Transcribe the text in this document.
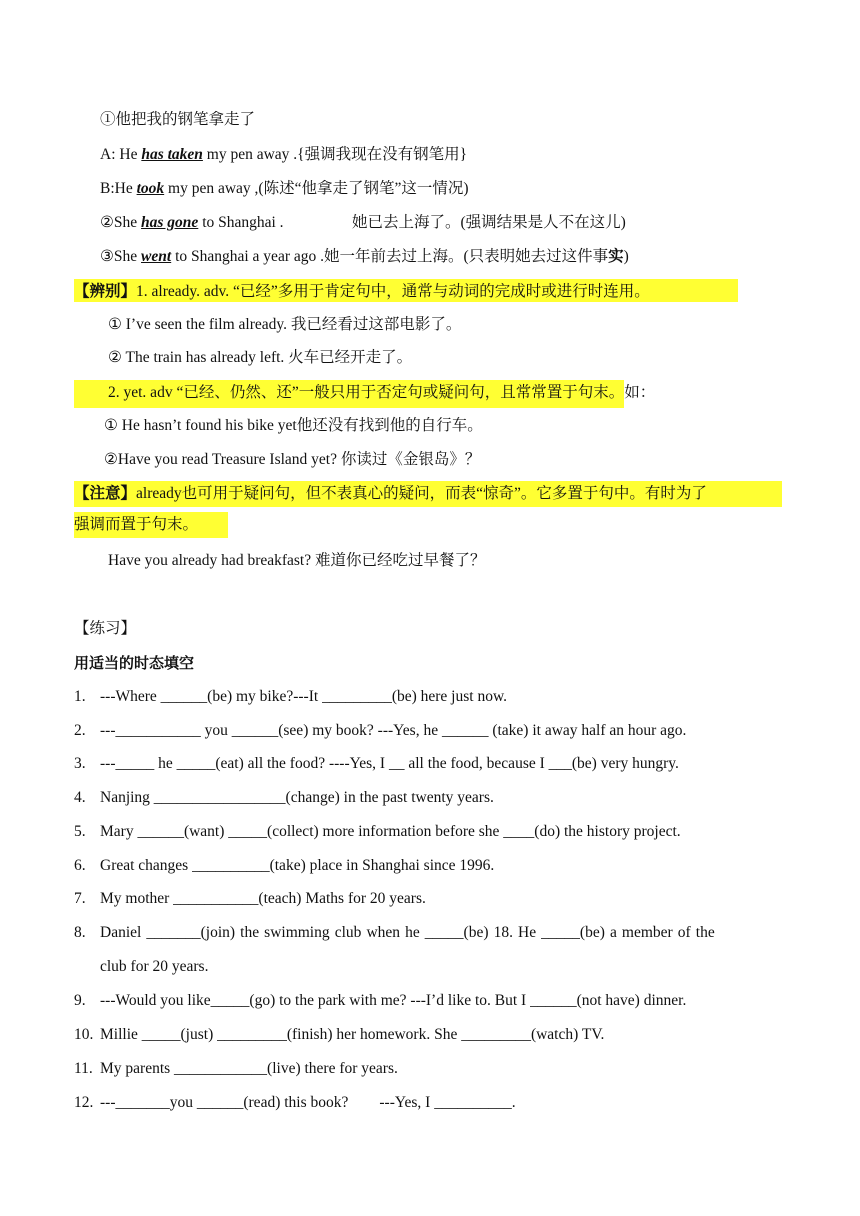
①他把我的钢笔拿走了
A: He has taken my pen away .{强调我现在没有钢笔用}
B:He took my pen away ,(陈述“他拿走了钢笔”这一情况)
②She has gone to Shanghai .	她已去上海了。(强调结果是人不在这儿)
③She went to Shanghai a year ago .她一年前去过上海。(只表明她去过这件事实)
【辨别】1. already. adv. “已经”多用于肯定句中，通常与动词的完成时或进行时连用。
① I’ve seen the film already. 我已经看过这部电影了。
② The train has already left. 火车已经开走了。
2. yet. adv “已经、仍然、还”一般只用于否定句或疑问句，且常常置于句末。如：
① He hasn’t found his bike yet他还没有找到他的自行车。
②Have you read Treasure Island yet? 你读过《金银岛》？
【注意】already也可用于疑问句，但不表真心的疑问，而表“惊奇”。它多置于句中。有时为了
强调而置于句末。
Have you already had breakfast? 难道你已经吃过早餐了？
【练习】
用适当的时态填空
1. ---Where ______(be) my bike?---It _________(be) here just now.
2. ---___________ you ______(see) my book? ---Yes, he ______ (take) it away half an hour ago.
3. ---_____ he _____(eat) all the food? ----Yes, I __ all the food, because I ___(be) very hungry.
4. Nanjing _________________(change) in the past twenty years.
5. Mary ______(want) _____(collect) more information before she ____(do) the history project.
6. Great changes __________(take) place in Shanghai since 1996.
7. My mother ___________(teach) Maths for 20 years.
8. Daniel _______(join) the swimming club when he _____(be) 18. He _____(be) a member of the
club for 20 years.
9. ---Would you like_____(go) to the park with me? ---I’d like to. But I ______(not have) dinner.
10. Millie _____(just) _________(finish) her homework. She _________(watch) TV.
11. My parents ____________(live) there for years.
12. ---_______you ______(read) this book?        ---Yes, I __________.
